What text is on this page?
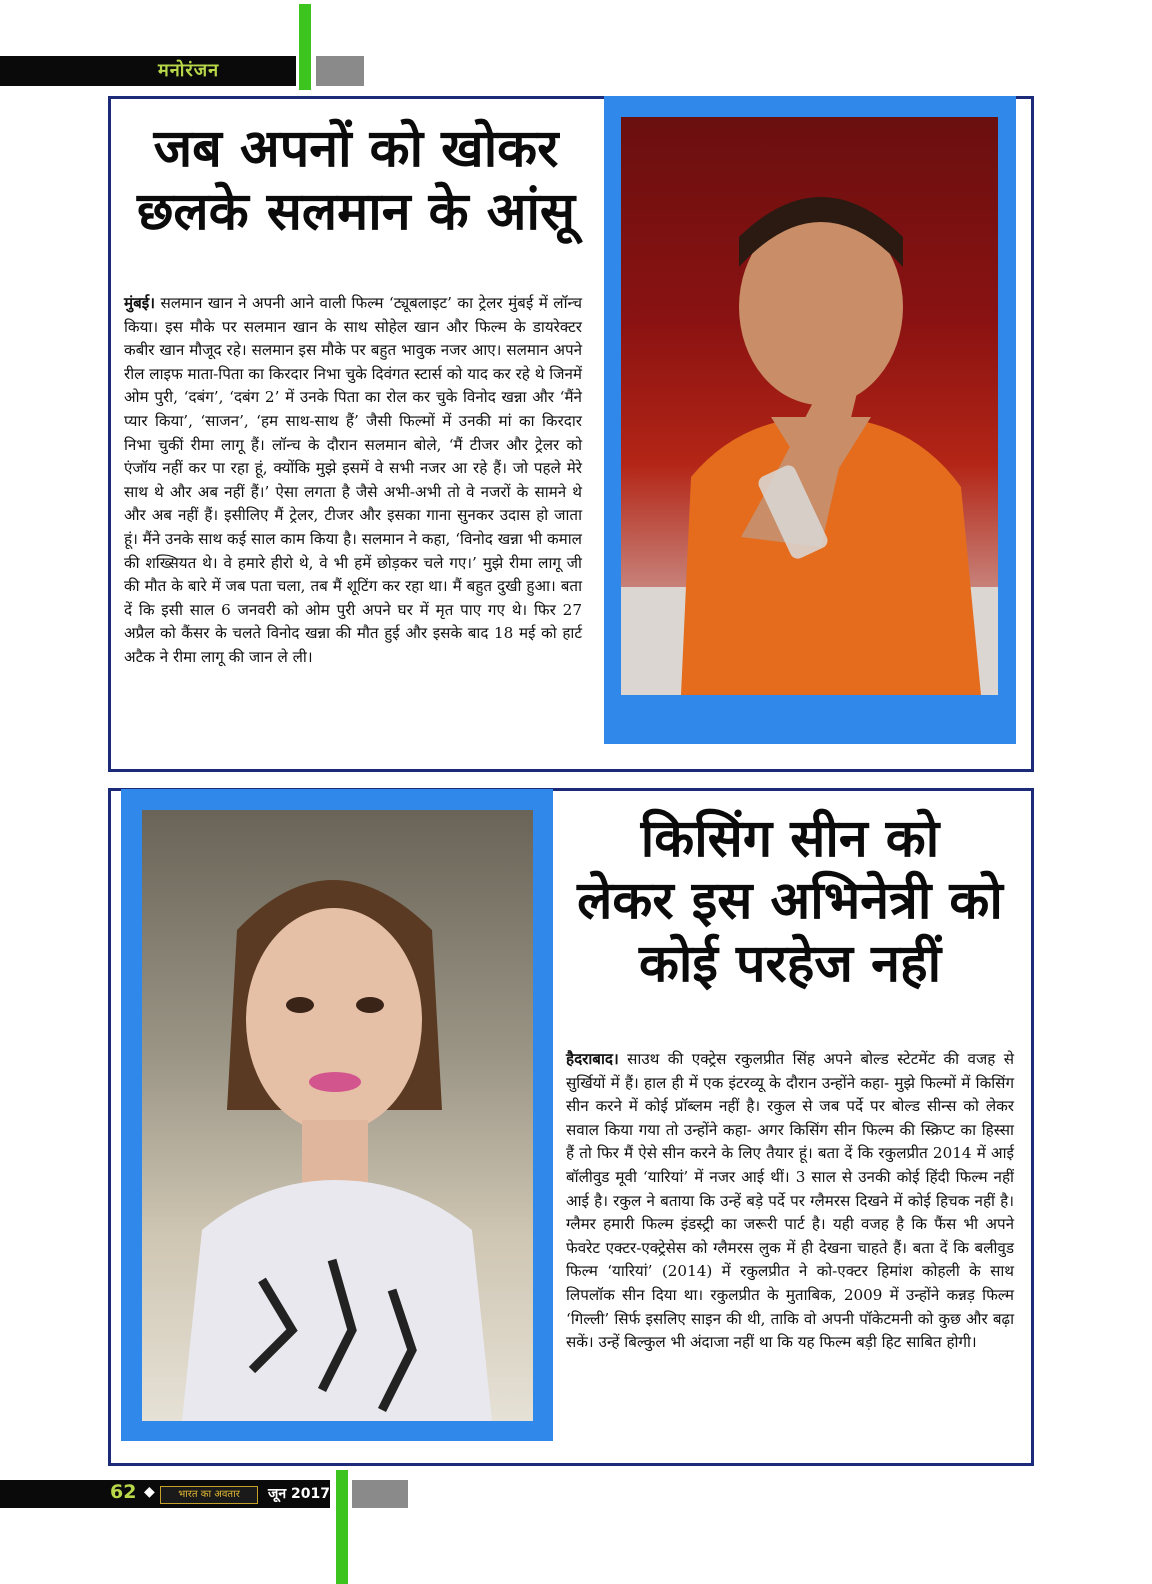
मनोरंजन
जब अपनों को खोकर
छलके सलमान के आंसू
मुंबई। सलमान खान ने अपनी आने वाली फिल्म ‘ट्यूबलाइट’ का ट्रेलर मुंबई में लॉन्च किया। इस मौके पर सलमान खान के साथ सोहेल खान और फिल्म के डायरेक्टर कबीर खान मौजूद रहे। सलमान इस मौके पर बहुत भावुक नजर आए। सलमान अपने रील लाइफ माता-पिता का किरदार निभा चुके दिवंगत स्टार्स को याद कर रहे थे जिनमें ओम पुरी, ‘दबंग’, ‘दबंग 2’ में उनके पिता का रोल कर चुके विनोद खन्ना और ‘मैंने प्यार किया’, ‘साजन’, ‘हम साथ-साथ हैं’ जैसी फिल्मों में उनकी मां का किरदार निभा चुकीं रीमा लागू हैं। लॉन्च के दौरान सलमान बोले, ‘मैं टीजर और ट्रेलर को एंजॉय नहीं कर पा रहा हूं, क्योंकि मुझे इसमें वे सभी नजर आ रहे हैं। जो पहले मेरे साथ थे और अब नहीं हैं।’ ऐसा लगता है जैसे अभी-अभी तो वे नजरों के सामने थे और अब नहीं हैं। इसीलिए मैं ट्रेलर, टीजर और इसका गाना सुनकर उदास हो जाता हूं। मैंने उनके साथ कई साल काम किया है। सलमान ने कहा, ‘विनोद खन्ना भी कमाल की शख्सियत थे। वे हमारे हीरो थे, वे भी हमें छोड़कर चले गए।’ मुझे रीमा लागू जी की मौत के बारे में जब पता चला, तब मैं शूटिंग कर रहा था। मैं बहुत दुखी हुआ। बता दें कि इसी साल 6 जनवरी को ओम पुरी अपने घर में मृत पाए गए थे। फिर 27 अप्रैल को कैंसर के चलते विनोद खन्ना की मौत हुई और इसके बाद 18 मई को हार्ट अटैक ने रीमा लागू की जान ले ली।
किसिंग सीन को
लेकर इस अभिनेत्री को
कोई परहेज नहीं
हैदराबाद। साउथ की एक्ट्रेस रकुलप्रीत सिंह अपने बोल्ड स्टेटमेंट की वजह से सुर्खियों में हैं। हाल ही में एक इंटरव्यू के दौरान उन्होंने कहा- मुझे फिल्मों में किसिंग सीन करने में कोई प्रॉब्लम नहीं है। रकुल से जब पर्दे पर बोल्ड सीन्स को लेकर सवाल किया गया तो उन्होंने कहा- अगर किसिंग सीन फिल्म की स्क्रिप्ट का हिस्सा हैं तो फिर मैं ऐसे सीन करने के लिए तैयार हूं। बता दें कि रकुलप्रीत 2014 में आई बॉलीवुड मूवी ‘यारियां’ में नजर आई थीं। 3 साल से उनकी कोई हिंदी फिल्म नहीं आई है। रकुल ने बताया कि उन्हें बड़े पर्दे पर ग्लैमरस दिखने में कोई हिचक नहीं है। ग्लैमर हमारी फिल्म इंडस्ट्री का जरूरी पार्ट है। यही वजह है कि फैंस भी अपने फेवरेट एक्टर-एक्ट्रेसेस को ग्लैमरस लुक में ही देखना चाहते हैं। बता दें कि बलीवुड फिल्म ‘यारियां’ (2014) में रकुलप्रीत ने को-एक्टर हिमांश कोहली के साथ लिपलॉक सीन दिया था। रकुलप्रीत के मुताबिक, 2009 में उन्होंने कन्नड़ फिल्म ‘गिल्ली’ सिर्फ इसलिए साइन की थी, ताकि वो अपनी पॉकेटमनी को कुछ और बढ़ा सकें। उन्हें बिल्कुल भी अंदाजा नहीं था कि यह फिल्म बड़ी हिट साबित होगी।
62 ◆	भारत का अवतार	जून 2017
